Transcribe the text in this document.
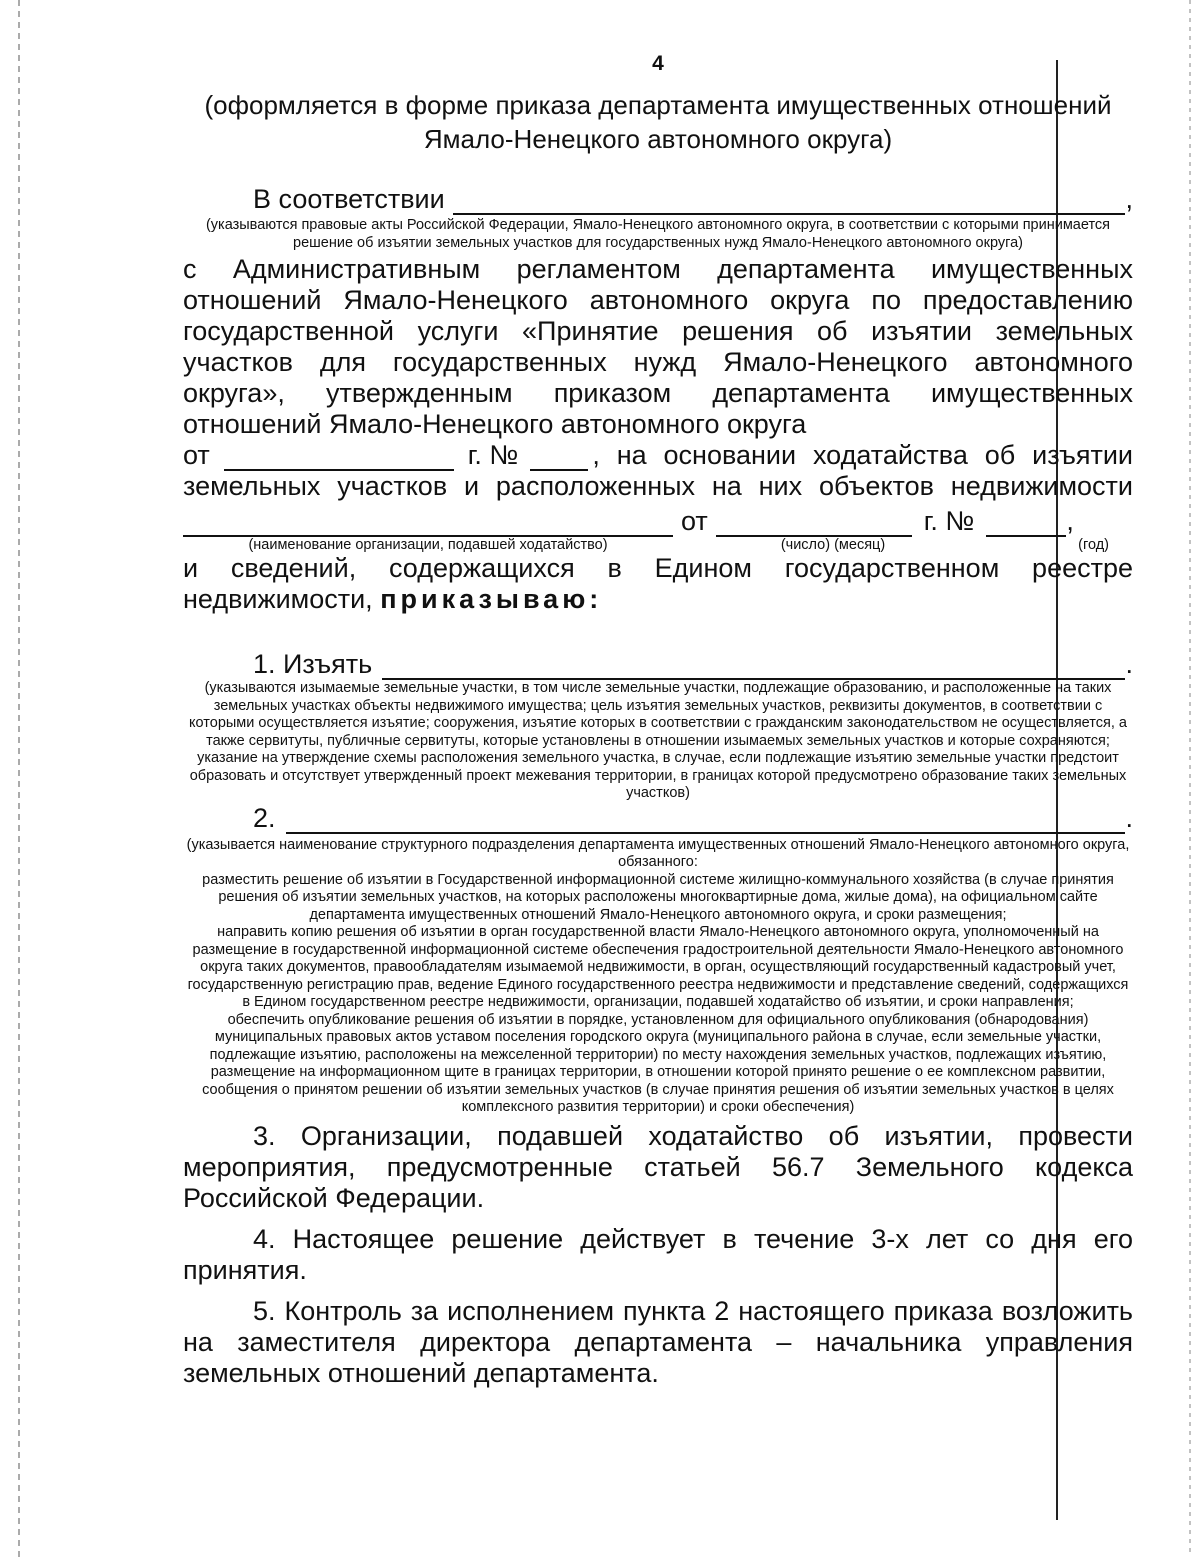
4
(оформляется в форме приказа департамента имущественных отношений Ямало-Ненецкого автономного округа)
В соответствии	,
(указываются правовые акты Российской Федерации, Ямало-Ненецкого автономного округа, в соответствии с которыми принимается решение об изъятии земельных участков для государственных нужд Ямало-Ненецкого автономного округа)
с Административным регламентом департамента имущественных отношений Ямало-Ненецкого автономного округа по предоставлению государственной услуги «Принятие решения об изъятии земельных участков для государственных нужд Ямало-Ненецкого автономного округа», утвержденным приказом департамента имущественных отношений Ямало-Ненецкого автономного округа
от	г. №	, на основании ходатайства об изъятии
земельных участков и расположенных на них объектов недвижимости
от	г. №	,
(наименование организации, подавшей ходатайство)	(число) (месяц)	(год)
и сведений, содержащихся в Едином государственном реестре недвижимости, приказываю:
1. Изъять	.
(указываются изымаемые земельные участки, в том числе земельные участки, подлежащие образованию, и расположенные на таких земельных участках объекты недвижимого имущества; цель изъятия земельных участков, реквизиты документов, в соответствии с которыми осуществляется изъятие; сооружения, изъятие которых в соответствии с гражданским законодательством не осуществляется, а также сервитуты, публичные сервитуты, которые установлены в отношении изымаемых земельных участков и которые сохраняются; указание на утверждение схемы расположения земельного участка, в случае, если подлежащие изъятию земельные участки предстоит образовать и отсутствует утвержденный проект межевания территории, в границах которой предусмотрено образование таких земельных участков)
2.	.
(указывается наименование структурного подразделения департамента имущественных отношений Ямало-Ненецкого автономного округа, обязанного:
разместить решение об изъятии в Государственной информационной системе жилищно-коммунального хозяйства (в случае принятия решения об изъятии земельных участков, на которых расположены многоквартирные дома, жилые дома), на официальном сайте департамента имущественных отношений Ямало-Ненецкого автономного округа, и сроки размещения;
направить копию решения об изъятии в орган государственной власти Ямало-Ненецкого автономного округа, уполномоченный на размещение в государственной информационной системе обеспечения градостроительной деятельности Ямало-Ненецкого автономного округа таких документов, правообладателям изымаемой недвижимости, в орган, осуществляющий государственный кадастровый учет, государственную регистрацию прав, ведение Единого государственного реестра недвижимости и представление сведений, содержащихся в Едином государственном реестре недвижимости, организации, подавшей ходатайство об изъятии, и сроки направления;
обеспечить опубликование решения об изъятии в порядке, установленном для официального опубликования (обнародования) муниципальных правовых актов уставом поселения городского округа (муниципального района в случае, если земельные участки, подлежащие изъятию, расположены на межселенной территории) по месту нахождения земельных участков, подлежащих изъятию, размещение на информационном щите в границах территории, в отношении которой принято решение о ее комплексном развитии, сообщения о принятом решении об изъятии земельных участков (в случае принятия решения об изъятии земельных участков в целях комплексного развития территории) и сроки обеспечения)
3. Организации, подавшей ходатайство об изъятии, провести мероприятия, предусмотренные статьей 56.7 Земельного кодекса Российской Федерации.
4. Настоящее решение действует в течение 3-х лет со дня его принятия.
5. Контроль за исполнением пункта 2 настоящего приказа возложить на заместителя директора департамента – начальника управления земельных отношений департамента.
